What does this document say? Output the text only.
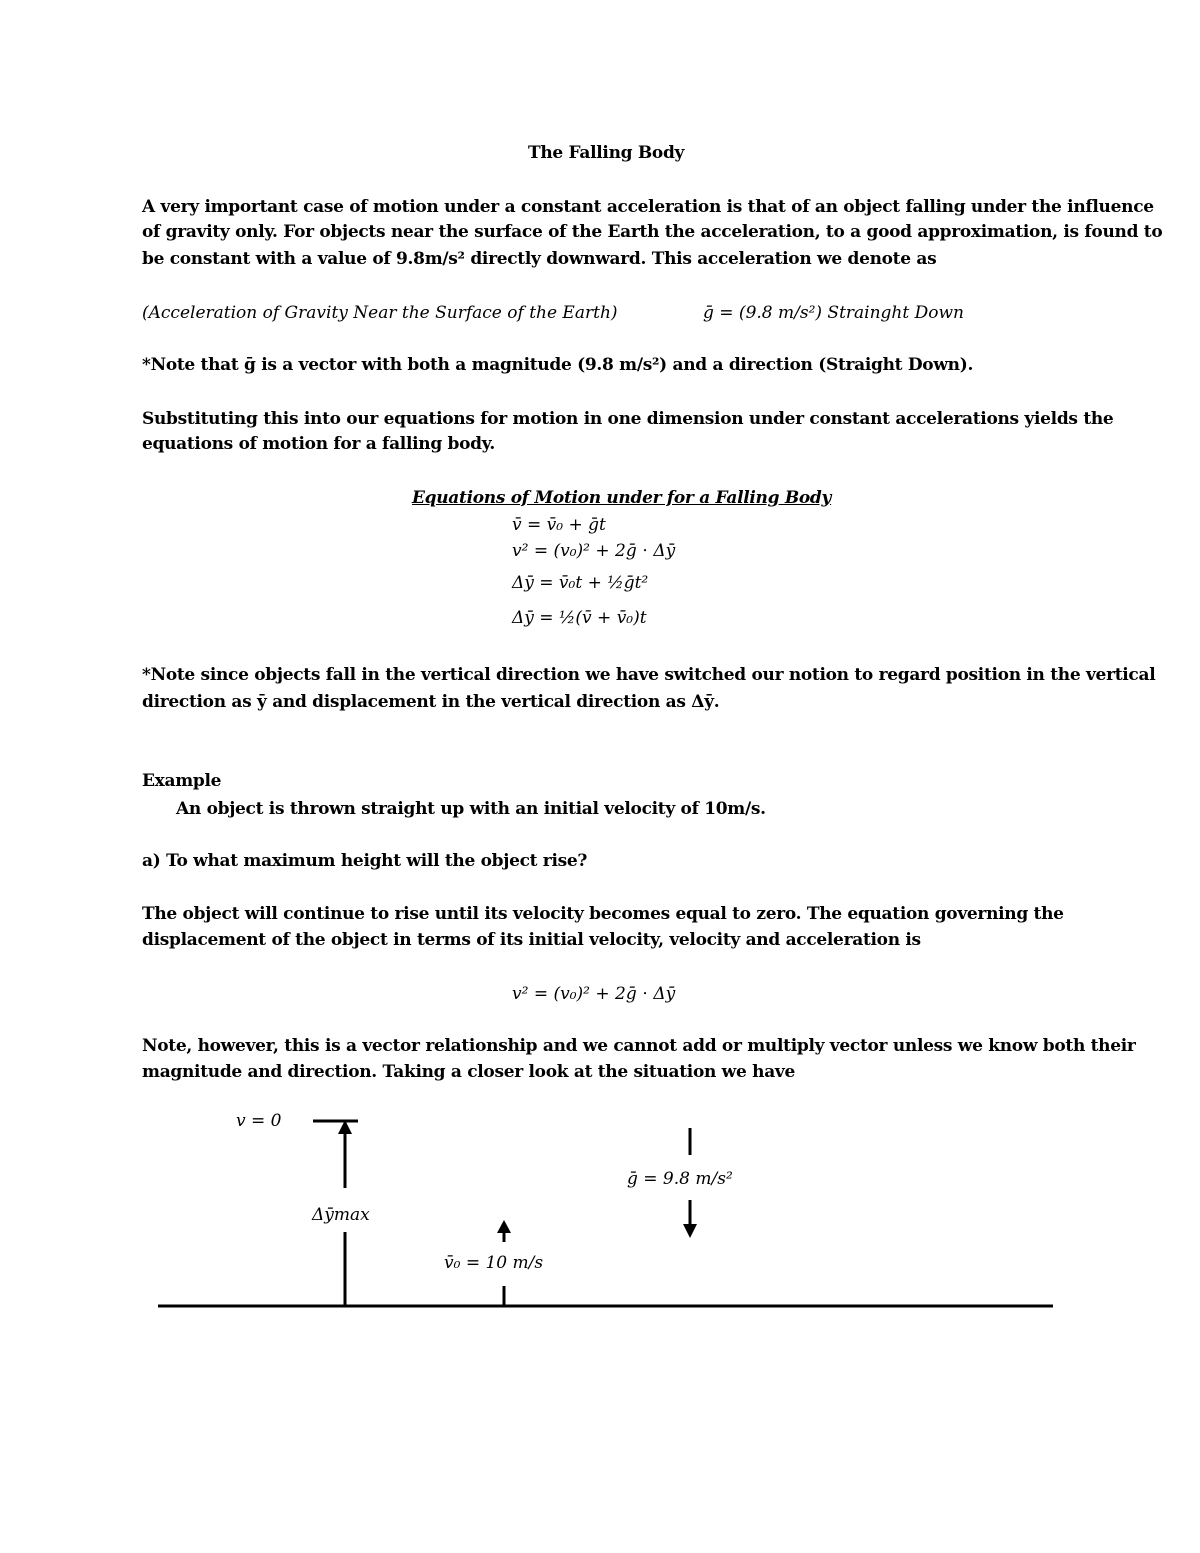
The Falling Body
A very important case of motion under a constant acceleration is that of an object falling under the influence
of gravity only. For objects near the surface of the Earth the acceleration, to a good approximation, is found to
be constant with a value of 9.8m/s² directly downward. This acceleration we denote as
(Acceleration of Gravity Near the Surface of the Earth)	ḡ = (9.8 m/s²) Strainght Down
*Note that ḡ is a vector with both a magnitude (9.8 m/s²) and a direction (Straight Down).
Substituting this into our equations for motion in one dimension under constant accelerations yields the
equations of motion for a falling body.
Equations of Motion under for a Falling Body
v̄ = v̄₀ + ḡt
v² = (v₀)² + 2ḡ ⋅ Δȳ
Δȳ = v̄₀t + ½ḡt²
Δȳ = ½(v̄ + v̄₀)t
*Note since objects fall in the vertical direction we have switched our notion to regard position in the vertical
direction as ȳ and displacement in the vertical direction as Δȳ.
Example
An object is thrown straight up with an initial velocity of 10m/s.
a) To what maximum height will the object rise?
The object will continue to rise until its velocity becomes equal to zero. The equation governing the
displacement of the object in terms of its initial velocity, velocity and acceleration is
v² = (v₀)² + 2ḡ ⋅ Δȳ
Note, however, this is a vector relationship and we cannot add or multiply vector unless we know both their
magnitude and direction. Taking a closer look at the situation we have
v = 0
Δȳmax
v̄₀ = 10 m/s
ḡ = 9.8 m/s²
